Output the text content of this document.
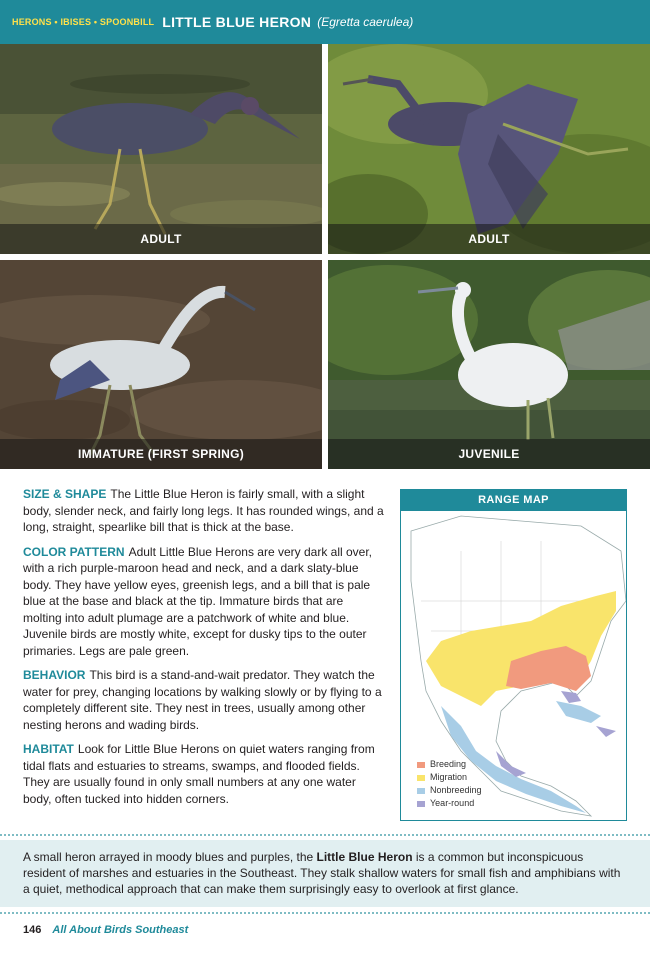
HERONS • IBISES • SPOONBILL LITTLE BLUE HERON (Egretta caerulea)
ADULT	ADULT
IMMATURE (FIRST SPRING)	JUVENILE

SIZE & SHAPE The Little Blue Heron is fairly small, with a slight body, slender neck, and fairly long legs. It has rounded wings, and a long, straight, spearlike bill that is thick at the base.

COLOR PATTERN Adult Little Blue Herons are very dark all over, with a rich purple-maroon head and neck, and a dark slaty-blue body. They have yellow eyes, greenish legs, and a bill that is pale blue at the base and black at the tip. Immature birds that are molting into adult plumage are a patchwork of white and blue. Juvenile birds are mostly white, except for dusky tips to the outer primaries. Legs are pale green.

BEHAVIOR This bird is a stand-and-wait predator. They watch the water for prey, changing locations by walking slowly or by flying to a completely different site. They nest in trees, usually among other nesting herons and wading birds.

HABITAT Look for Little Blue Herons on quiet waters ranging from tidal flats and estuaries to streams, swamps, and flooded fields. They are usually found in only small numbers at any one water body, often tucked into hidden corners.

RANGE MAP
Breeding
Migration
Nonbreeding
Year-round
A small heron arrayed in moody blues and purples, the Little Blue Heron is a common but inconspicuous resident of marshes and estuaries in the Southeast. They stalk shallow waters for small fish and amphibians with a quiet, methodical approach that can make them surprisingly easy to overlook at first glance.
146 All About Birds Southeast
